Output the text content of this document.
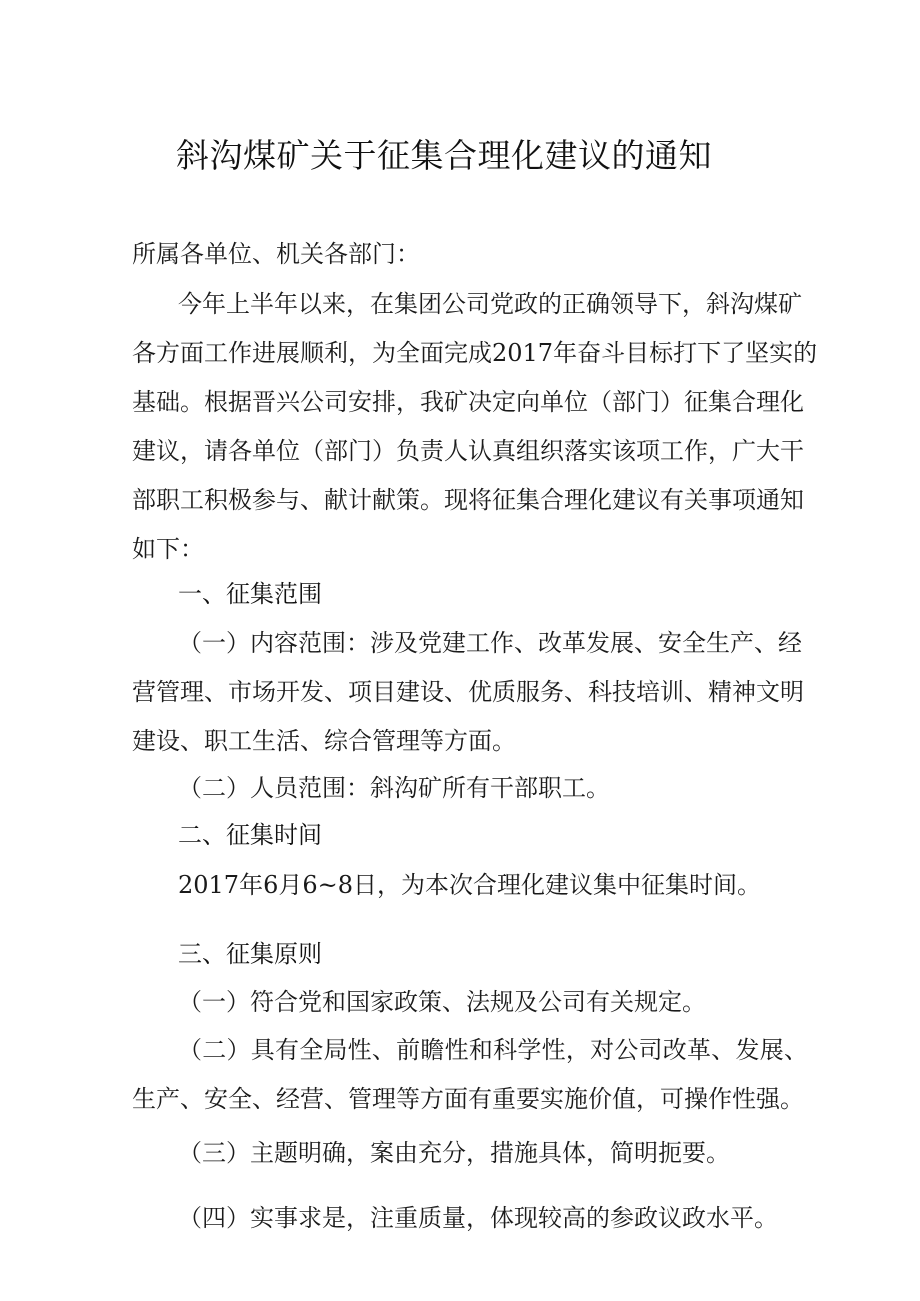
斜沟煤矿关于征集合理化建议的通知
所属各单位、机关各部门：
今年上半年以来，在集团公司党政的正确领导下，斜沟煤矿
各方面工作进展顺利，为全面完成2017年奋斗目标打下了坚实的
基础。根据晋兴公司安排，我矿决定向单位（部门）征集合理化
建议，请各单位（部门）负责人认真组织落实该项工作，广大干
部职工积极参与、献计献策。现将征集合理化建议有关事项通知
如下：
一、征集范围
（一）内容范围：涉及党建工作、改革发展、安全生产、经
营管理、市场开发、项目建设、优质服务、科技培训、精神文明
建设、职工生活、综合管理等方面。
（二）人员范围：斜沟矿所有干部职工。
二、征集时间
2017年6月6~8日，为本次合理化建议集中征集时间。
三、征集原则
（一）符合党和国家政策、法规及公司有关规定。
（二）具有全局性、前瞻性和科学性，对公司改革、发展、
生产、安全、经营、管理等方面有重要实施价值，可操作性强。
（三）主题明确，案由充分，措施具体，简明扼要。
（四）实事求是，注重质量，体现较高的参政议政水平。
